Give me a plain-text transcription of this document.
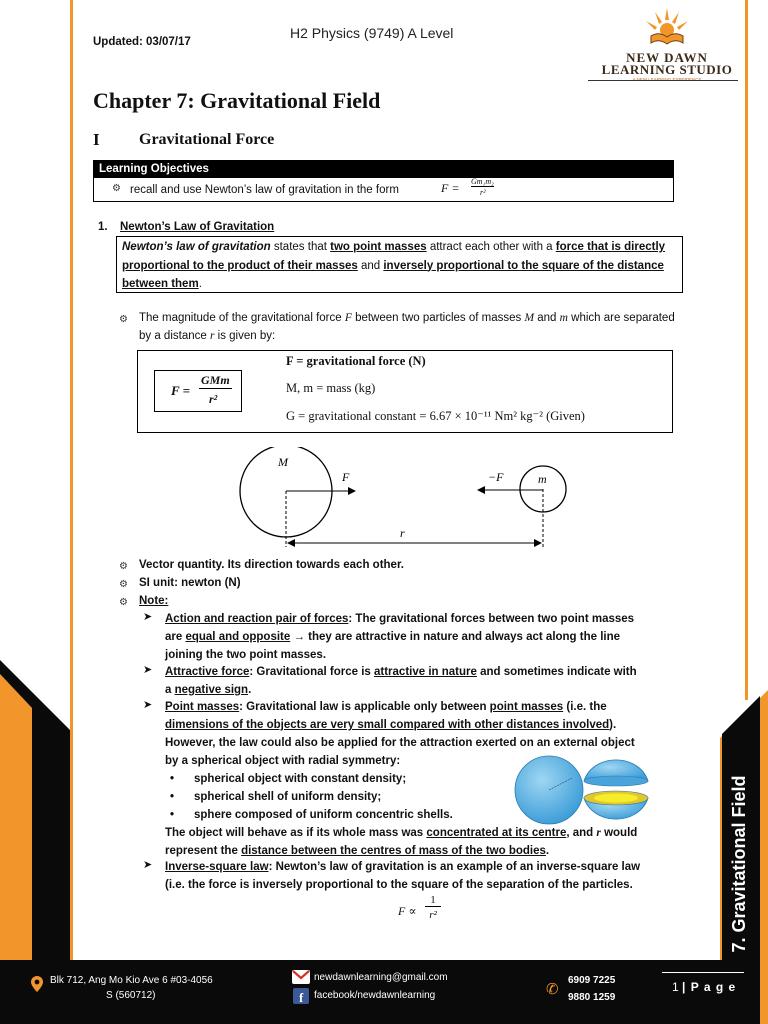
Updated: 03/07/17
H2 Physics (9749) A Level
NEW DAWN
LEARNING STUDIO
Chapter 7: Gravitational Field
I Gravitational Force
Learning Objectives
⚙ recall and use Newton’s law of gravitation in the form	F = Gm₁m₂
r²
1. Newton’s Law of Gravitation
Newton’s law of gravitation states that two point masses attract each other with a force that is directly proportional to the product of their masses and inversely proportional to the square of the distance between them.
⚙ The magnitude of the gravitational force F between two particles of masses M and m which are separated by a distance r is given by:
F =
GMm
r²
F = gravitational force (N)
M, m = mass (kg)
G = gravitational constant = 6.67 × 10⁻¹¹ Nm² kg⁻² (Given)
M
m
F	−F
r
⚙ Vector quantity. Its direction towards each other.
⚙ SI unit: newton (N)
⚙ Note:
➤	Action and reaction pair of forces: The gravitational forces between two point masses
are equal and opposite → they are attractive in nature and always act along the line
joining the two point masses.
➤	Attractive force: Gravitational force is attractive in nature and sometimes indicate with
a negative sign.
➤	Point masses: Gravitational law is applicable only between point masses (i.e. the
dimensions of the objects are very small compared with other distances involved).
However, the law could also be applied for the attraction exerted on an external object
by a spherical object with radial symmetry:
• spherical object with constant density;
• spherical shell of uniform density;
• sphere composed of uniform concentric shells.
The object will behave as if its whole mass was concentrated at its centre, and r would
represent the distance between the centres of mass of the two bodies.
➤	Inverse-square law: Newton’s law of gravitation is an example of an inverse-square law
(i.e. the force is inversely proportional to the square of the separation of the particles.
F ∝
1
r²	7. Gravitational Field
Blk 712, Ang Mo Kio Ave 6 #03-4056
S (560712)
newdawnlearning@gmail.com
f facebook/newdawnlearning	✆
6909 7225
9880 1259
1 | P a g e
